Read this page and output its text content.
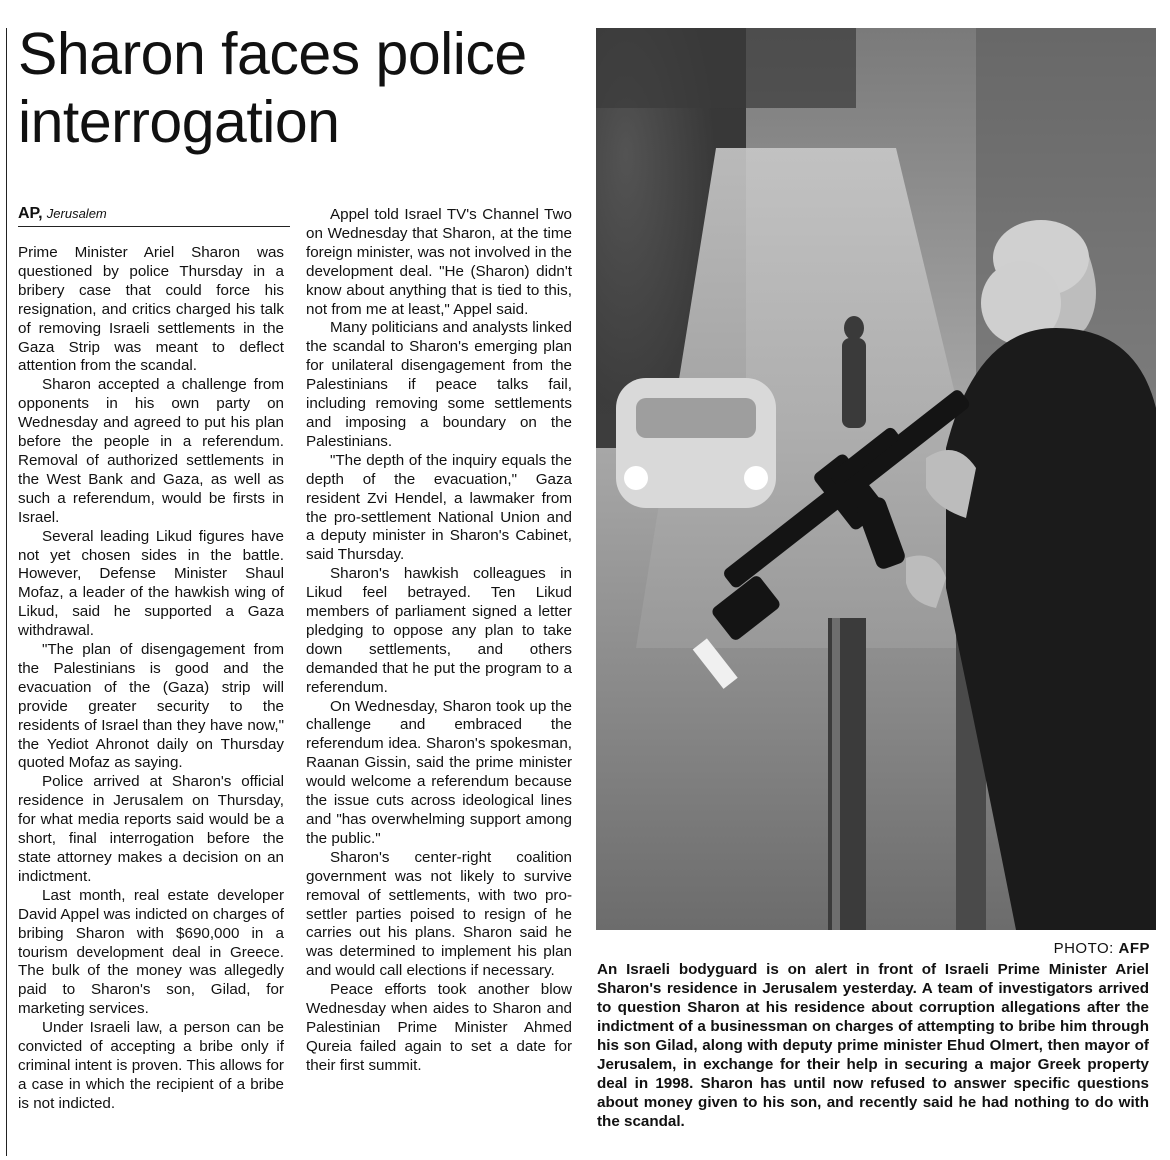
Sharon faces police interrogation
AP, Jerusalem

Prime Minister Ariel Sharon was questioned by police Thursday in a bribery case that could force his resignation, and critics charged his talk of removing Israeli settlements in the Gaza Strip was meant to deflect attention from the scandal.

Sharon accepted a challenge from opponents in his own party on Wednesday and agreed to put his plan before the people in a referendum. Removal of authorized settlements in the West Bank and Gaza, as well as such a referendum, would be firsts in Israel.

Several leading Likud figures have not yet chosen sides in the battle. However, Defense Minister Shaul Mofaz, a leader of the hawkish wing of Likud, said he supported a Gaza withdrawal.

"The plan of disengagement from the Palestinians is good and the evacuation of the (Gaza) strip will provide greater security to the residents of Israel than they have now," the Yediot Ahronot daily on Thursday quoted Mofaz as saying.

Police arrived at Sharon's official residence in Jerusalem on Thursday, for what media reports said would be a short, final interrogation before the state attorney makes a decision on an indictment.

Last month, real estate developer David Appel was indicted on charges of bribing Sharon with $690,000 in a tourism development deal in Greece. The bulk of the money was allegedly paid to Sharon's son, Gilad, for marketing services.

Under Israeli law, a person can be convicted of accepting a bribe only if criminal intent is proven. This allows for a case in which the recipient of a bribe is not indicted.

Appel told Israel TV's Channel Two on Wednesday that Sharon, at the time foreign minister, was not involved in the development deal. "He (Sharon) didn't know about anything that is tied to this, not from me at least," Appel said.

Many politicians and analysts linked the scandal to Sharon's emerging plan for unilateral disengagement from the Palestinians if peace talks fail, including removing some settlements and imposing a boundary on the Palestinians.

"The depth of the inquiry equals the depth of the evacuation," Gaza resident Zvi Hendel, a lawmaker from the pro-settlement National Union and a deputy minister in Sharon's Cabinet, said Thursday.

Sharon's hawkish colleagues in Likud feel betrayed. Ten Likud members of parliament signed a letter pledging to oppose any plan to take down settlements, and others demanded that he put the program to a referendum.

On Wednesday, Sharon took up the challenge and embraced the referendum idea. Sharon's spokesman, Raanan Gissin, said the prime minister would welcome a referendum because the issue cuts across ideological lines and "has overwhelming support among the public."

Sharon's center-right coalition government was not likely to survive removal of settlements, with two pro-settler parties poised to resign of he carries out his plans. Sharon said he was determined to implement his plan and would call elections if necessary.

Peace efforts took another blow Wednesday when aides to Sharon and Palestinian Prime Minister Ahmed Qureia failed again to set a date for their first summit.

PHOTO: AFP

An Israeli bodyguard is on alert in front of Israeli Prime Minister Ariel Sharon's residence in Jerusalem yesterday. A team of investigators arrived to question Sharon at his residence about corruption allegations after the indictment of a businessman on charges of attempting to bribe him through his son Gilad, along with deputy prime minister Ehud Olmert, then mayor of Jerusalem, in exchange for their help in securing a major Greek property deal in 1998. Sharon has until now refused to answer specific questions about money given to his son, and recently said he had nothing to do with the scandal.
